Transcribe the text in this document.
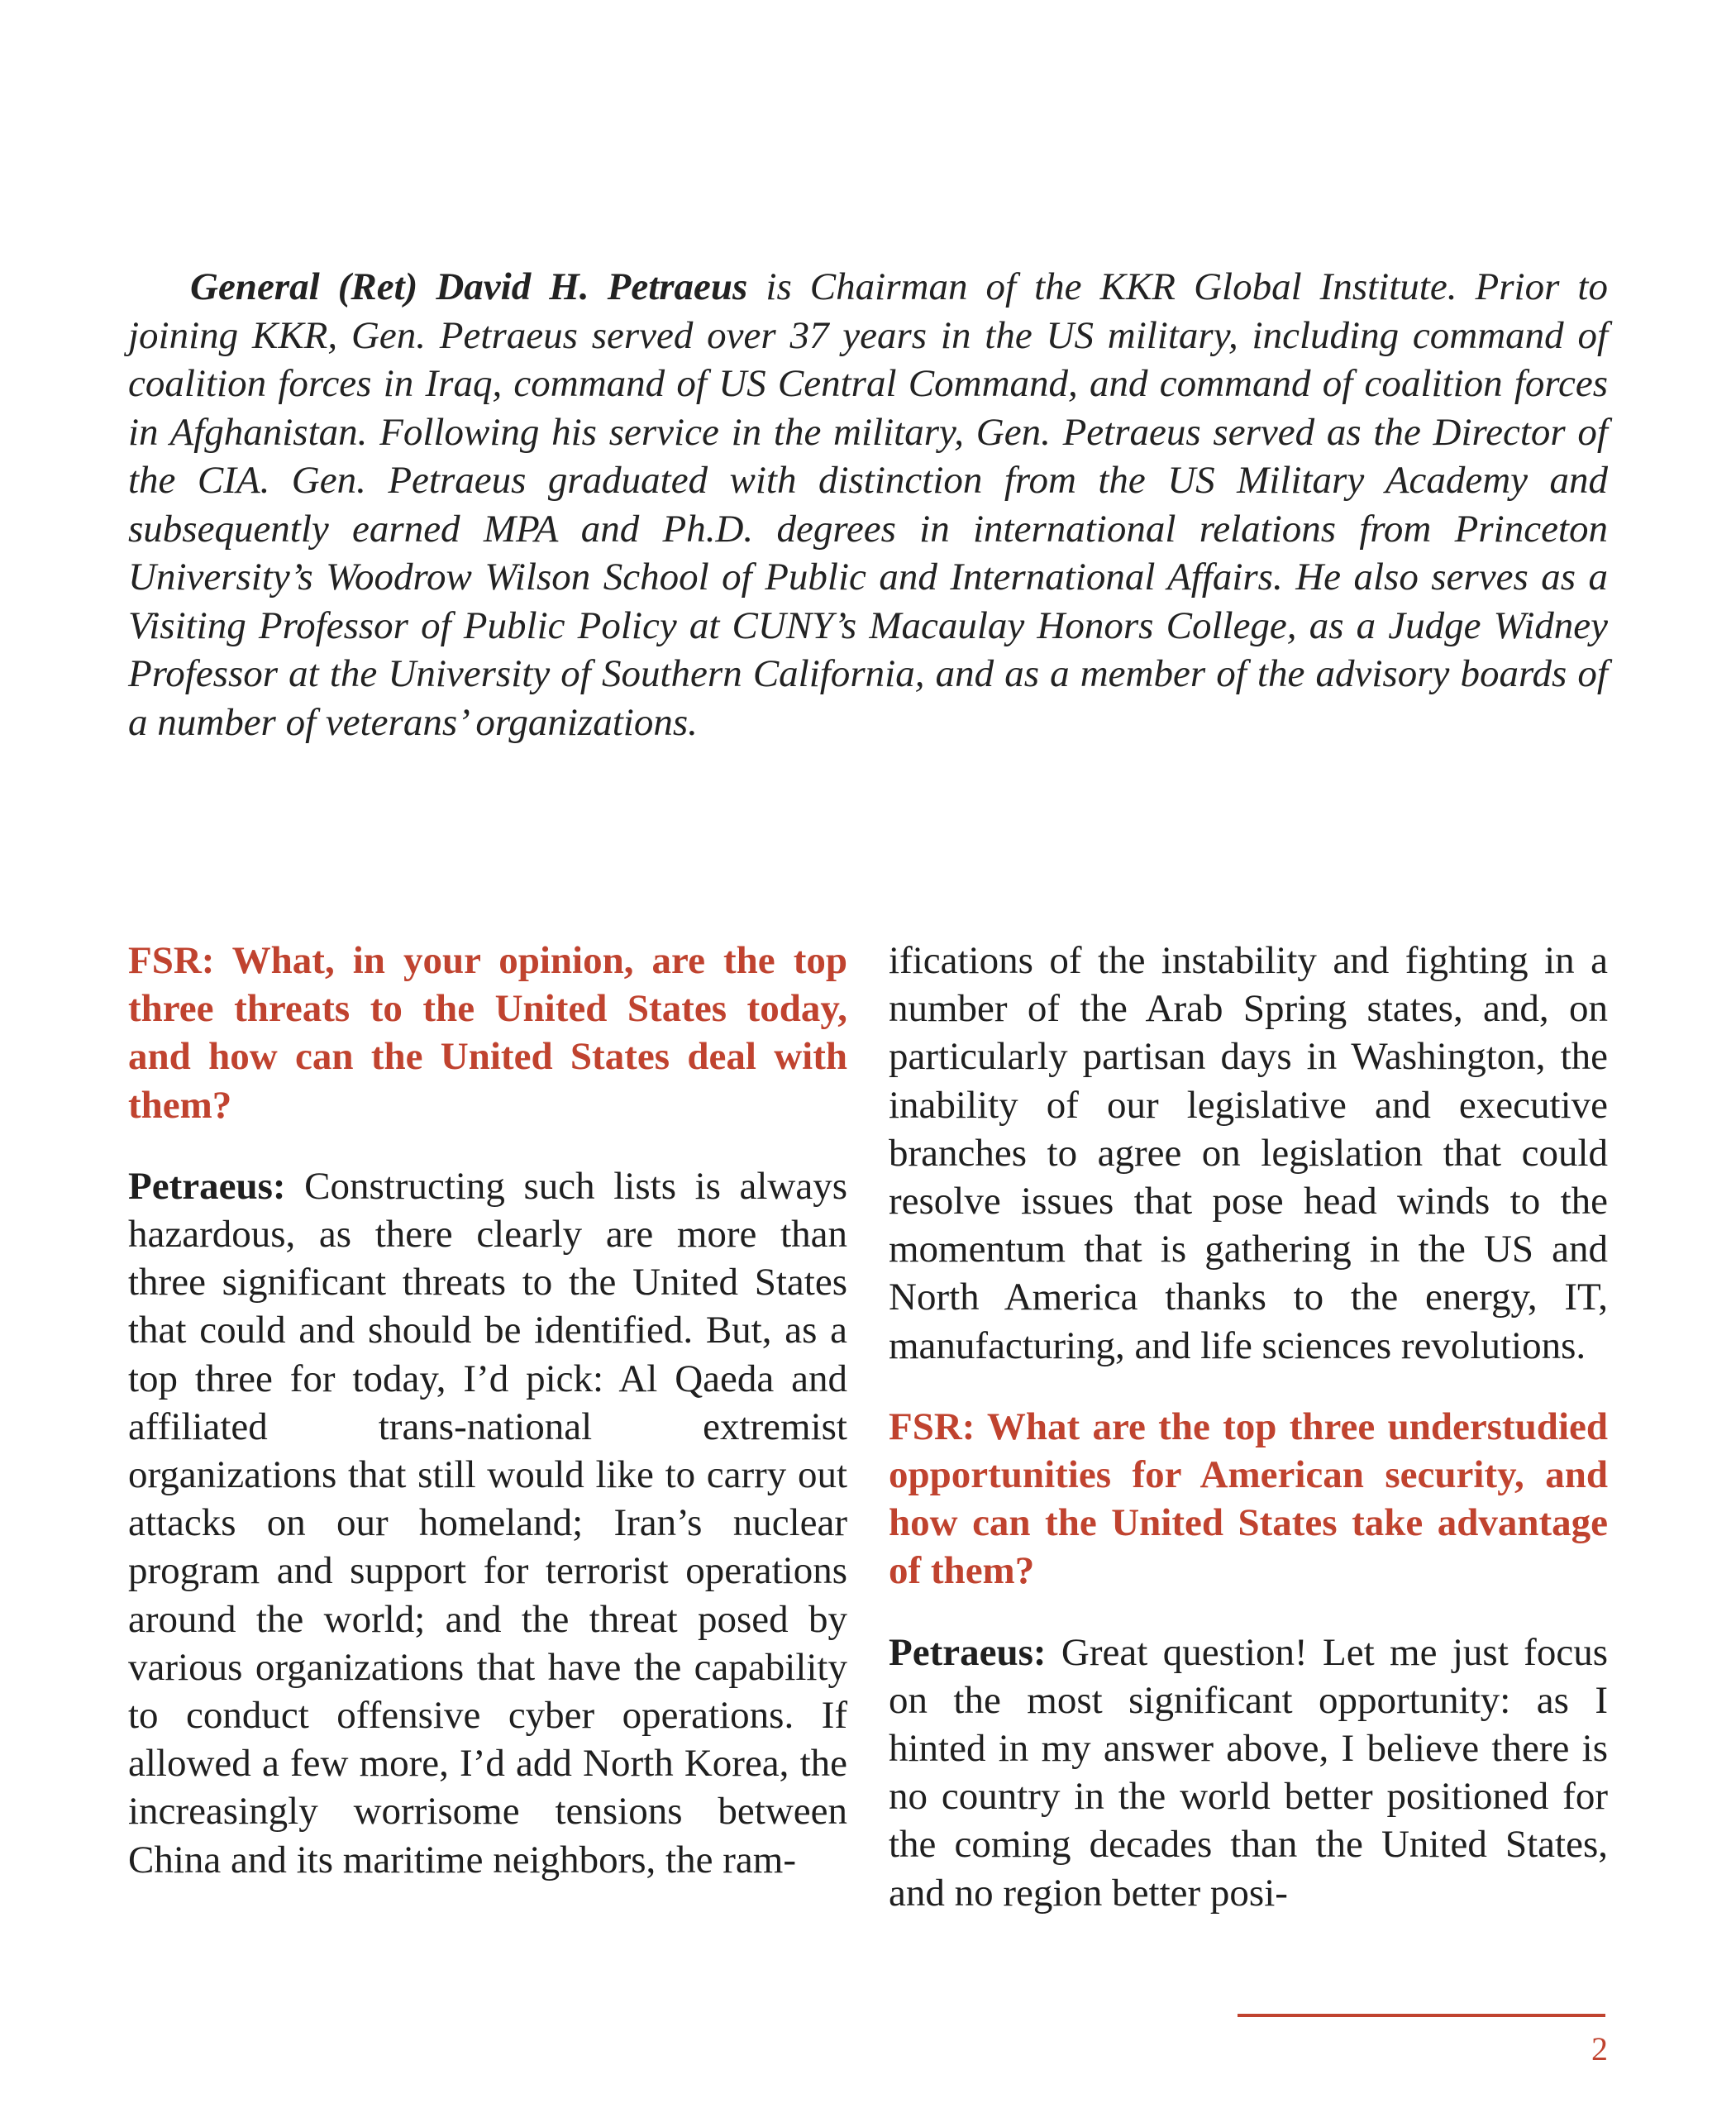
General (Ret) David H. Petraeus is Chairman of the KKR Global Institute. Prior to joining KKR, Gen. Petraeus served over 37 years in the US military, including command of coalition forces in Iraq, command of US Central Command, and command of coalition forces in Afghanistan. Following his service in the military, Gen. Petraeus served as the Director of the CIA. Gen. Petraeus graduated with distinction from the US Military Academy and subsequently earned MPA and Ph.D. degrees in international relations from Princeton University’s Woodrow Wilson School of Public and International Affairs. He also serves as a Visiting Professor of Public Policy at CUNY’s Macaulay Honors College, as a Judge Widney Professor at the University of Southern California, and as a member of the advisory boards of a number of veterans’ organizations.

FSR: What, in your opinion, are the top three threats to the United States today, and how can the United States deal with them?

Petraeus: Constructing such lists is always hazardous, as there clearly are more than three significant threats to the United States that could and should be identified. But, as a top three for today, I’d pick: Al Qaeda and affiliated trans-national extremist organizations that still would like to carry out attacks on our homeland; Iran’s nuclear program and support for terrorist operations around the world; and the threat posed by various organizations that have the capability to conduct offensive cyber operations. If allowed a few more, I’d add North Korea, the increasingly worrisome tensions between China and its maritime neighbors, the ram-

ifications of the instability and fighting in a number of the Arab Spring states, and, on particularly partisan days in Washington, the inability of our legislative and executive branches to agree on legislation that could resolve issues that pose head winds to the momentum that is gathering in the US and North America thanks to the energy, IT, manufacturing, and life sciences revolutions.

FSR: What are the top three understudied opportunities for American security, and how can the United States take advantage of them?

Petraeus: Great question! Let me just focus on the most significant opportunity: as I hinted in my answer above, I believe there is no country in the world better positioned for the coming decades than the United States, and no region better posi-

2
